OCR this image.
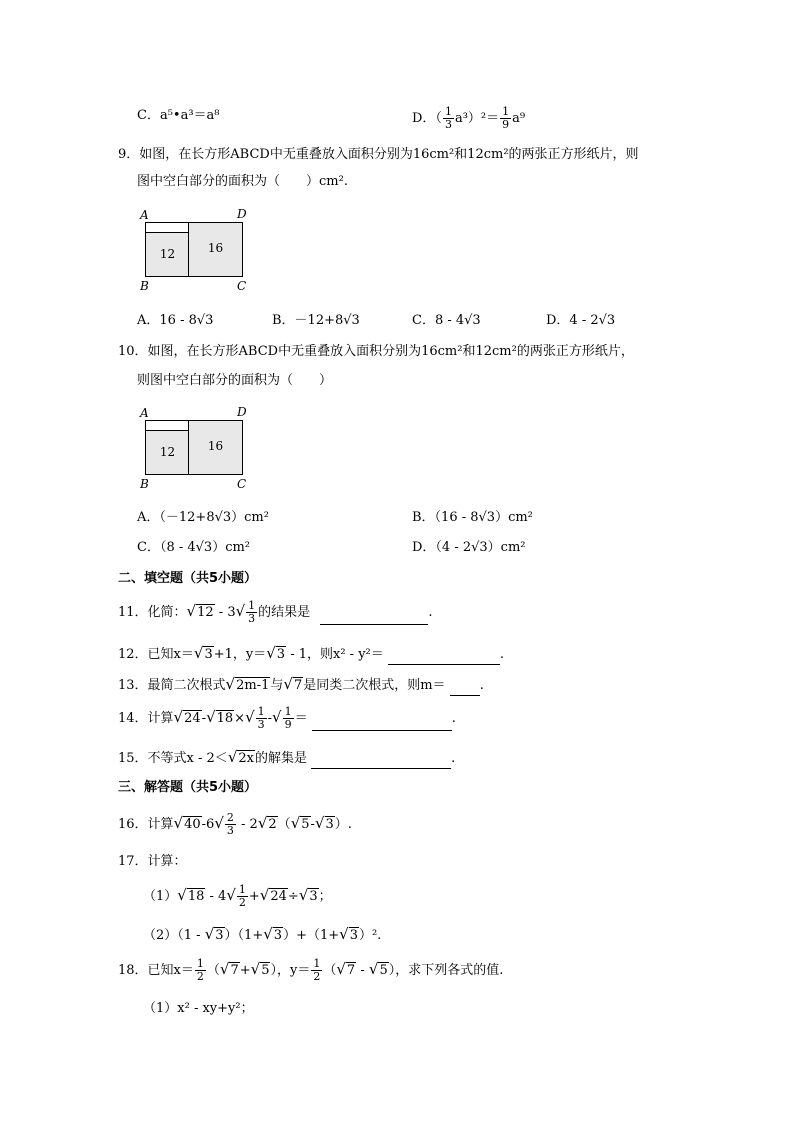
C．a⁵•a³＝a⁸	D．（ $\frac{1}{3} a^3)^2= \frac{1}{9} a^9$
9．如图，在长方形ABCD中无重叠放入面积分别为16cm²和12cm²的两张正方形纸片，则
图中空白部分的面积为（　　）cm².
A	D
12	16
B	C
A．16 - 8√3	B．－12+8√3	C．8 - 4√3	D．4 - 2√3
10．如图，在长方形ABCD中无重叠放入面积分别为16cm²和12cm²的两张正方形纸片，
则图中空白部分的面积为（　　）
A	D
12	16
B	C
A．（－12+8√3）cm²	B．（16 - 8√3）cm²
C．（8 - 4√3）cm²	D．（4 - 2√3）cm²
二、填空题（共5小题）
11．化简：$√12 - 3√ \frac{1}{3}$ 的结果是	.
12．已知x＝√3+1，y＝√3 - 1，则x² - y²＝	.
13．最简二次根式√2m-1与√7是同类二次根式，则m＝	.
14．计算$√24-√18\times√ \frac{1}{3}$ -√ $\frac{1}{9}$ ＝	.
15．不等式x - 2＜√2x的解集是	.
三、解答题（共5小题）
16．计算$√40-6√ \frac{2}{3} - 2√2(√5-√3)$.
17．计算：
$(1)√18 - 4√ \frac{1}{2} +√24\div√3$；
（2）（1 - √3）（1+√3）+（1+√3）².
18．已知$x= \frac{1}{2} (√7+√5)$，$y= \frac{1}{2} (√7 - √5)$，求下列各式的值.
（1）x² - xy+y²；
